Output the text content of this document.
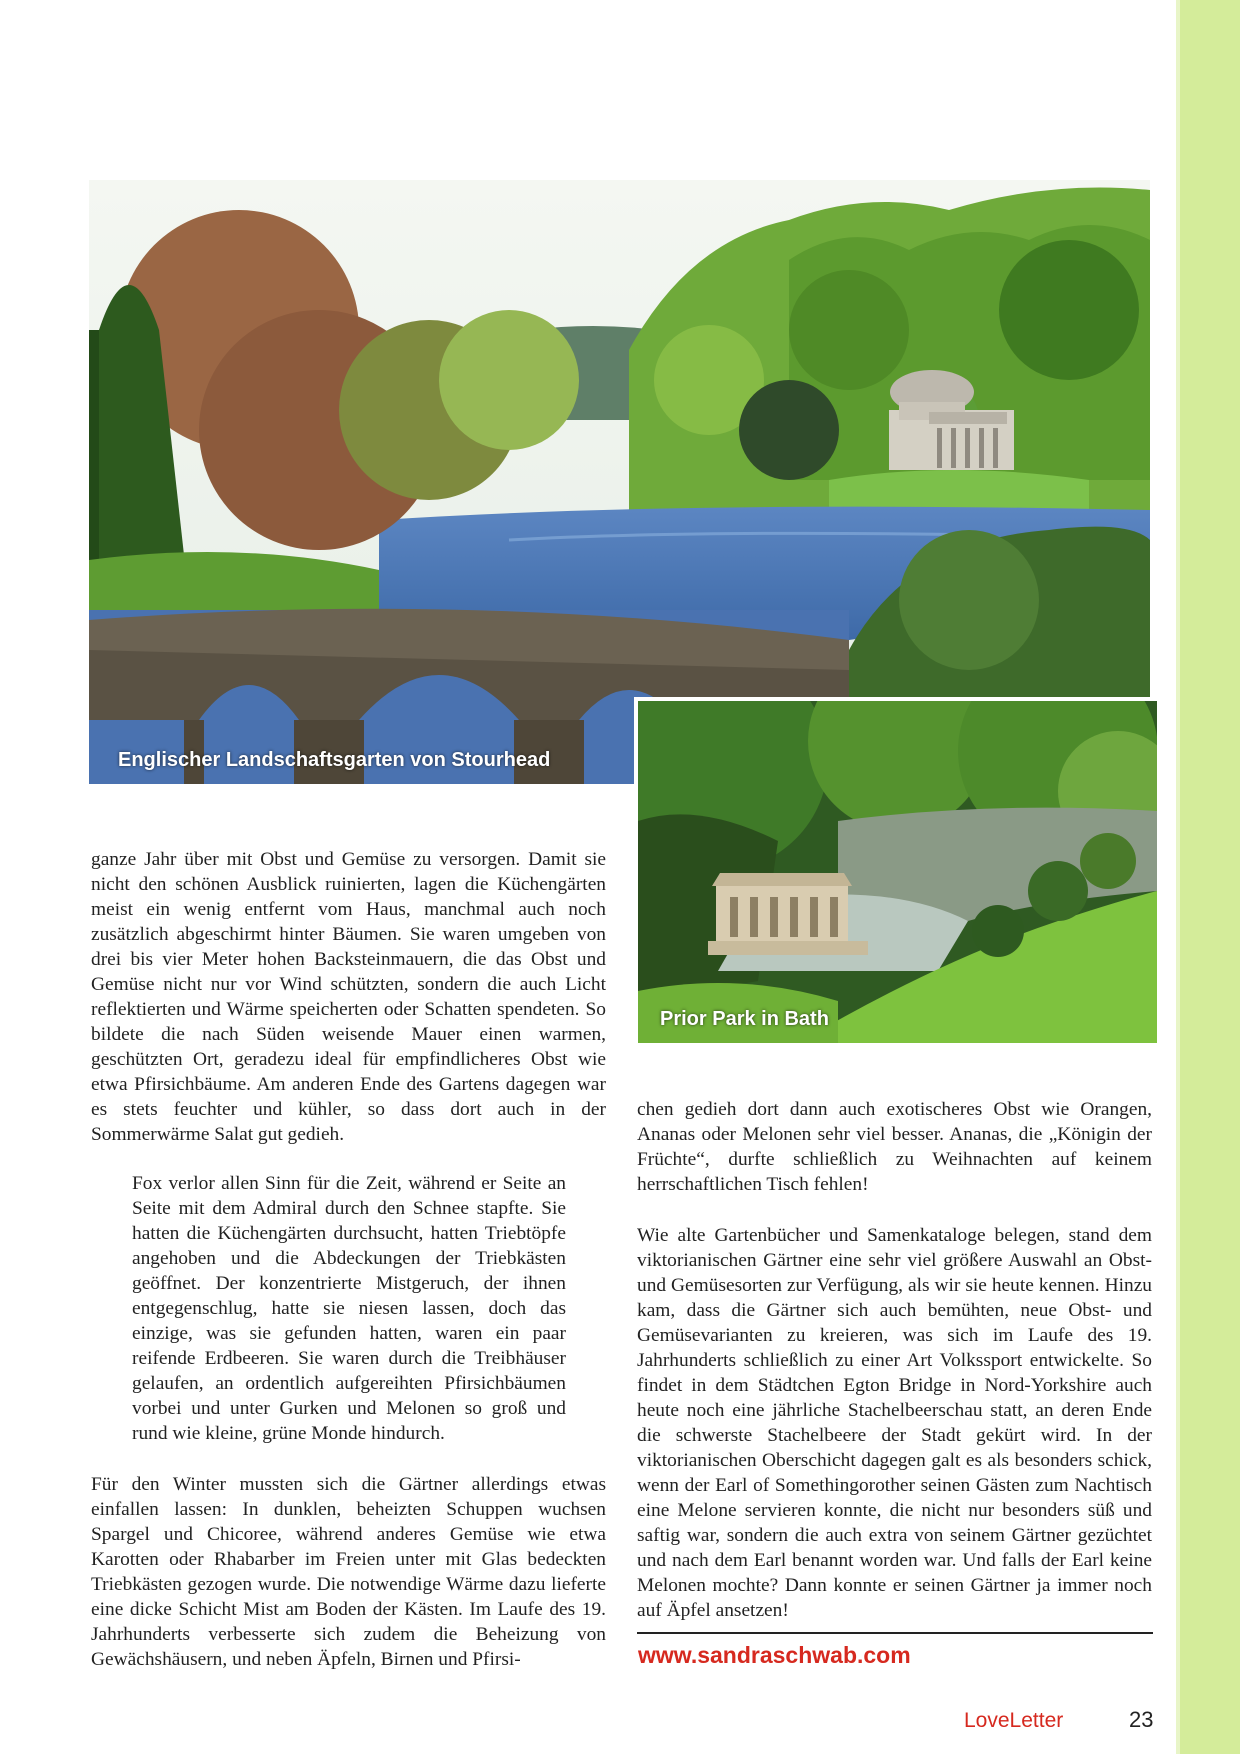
Englischer Landschaftsgarten von Stourhead
Prior Park in Bath

ganze Jahr über mit Obst und Gemüse zu versorgen. Damit sie nicht den schönen Ausblick ruinierten, lagen die Küchengärten meist ein wenig entfernt vom Haus, manchmal auch noch zusätzlich abgeschirmt hinter Bäumen. Sie waren umgeben von drei bis vier Meter hohen Backsteinmauern, die das Obst und Gemüse nicht nur vor Wind schützten, sondern die auch Licht reflektierten und Wärme speicherten oder Schatten spendeten. So bildete die nach Süden weisende Mauer einen warmen, geschützten Ort, geradezu ideal für empfindlicheres Obst wie etwa Pfirsichbäume. Am anderen Ende des Gartens dagegen war es stets feuchter und kühler, so dass dort auch in der Sommerwärme Salat gut gedieh.

Fox verlor allen Sinn für die Zeit, während er Seite an Seite mit dem Admiral durch den Schnee stapfte. Sie hatten die Küchengärten durchsucht, hatten Triebtöpfe angehoben und die Abdeckungen der Triebkästen geöffnet. Der konzentrierte Mistgeruch, der ihnen entgegenschlug, hatte sie niesen lassen, doch das einzige, was sie gefunden hatten, waren ein paar reifende Erdbeeren. Sie waren durch die Treibhäuser gelaufen, an ordentlich aufgereihten Pfirsichbäumen vorbei und unter Gurken und Melonen so groß und rund wie kleine, grüne Monde hindurch.

Für den Winter mussten sich die Gärtner allerdings etwas einfallen lassen: In dunklen, beheizten Schuppen wuchsen Spargel und Chicoree, während anderes Gemüse wie etwa Karotten oder Rhabarber im Freien unter mit Glas bedeckten Triebkästen gezogen wurde. Die notwendige Wärme dazu lieferte eine dicke Schicht Mist am Boden der Kästen. Im Laufe des 19. Jahrhunderts verbesserte sich zudem die Beheizung von Gewächshäusern, und neben Äpfeln, Birnen und Pfirsi-

chen gedieh dort dann auch exotischeres Obst wie Orangen, Ananas oder Melonen sehr viel besser. Ananas, die „Königin der Früchte“, durfte schließlich zu Weihnachten auf keinem herrschaftlichen Tisch fehlen!

Wie alte Gartenbücher und Samenkataloge belegen, stand dem viktorianischen Gärtner eine sehr viel größere Auswahl an Obst- und Gemüsesorten zur Verfügung, als wir sie heute kennen. Hinzu kam, dass die Gärtner sich auch bemühten, neue Obst- und Gemüsevarianten zu kreieren, was sich im Laufe des 19. Jahrhunderts schließlich zu einer Art Volkssport entwickelte. So findet in dem Städtchen Egton Bridge in Nord-Yorkshire auch heute noch eine jährliche Stachelbeerschau statt, an deren Ende die schwerste Stachelbeere der Stadt gekürt wird. In der viktorianischen Oberschicht dagegen galt es als besonders schick, wenn der Earl of Somethingorother seinen Gästen zum Nachtisch eine Melone servieren konnte, die nicht nur besonders süß und saftig war, sondern die auch extra von seinem Gärtner gezüchtet und nach dem Earl benannt worden war. Und falls der Earl keine Melonen mochte? Dann konnte er seinen Gärtner ja immer noch auf Äpfel ansetzen!

www.sandraschwab.com
LoveLetter	23
